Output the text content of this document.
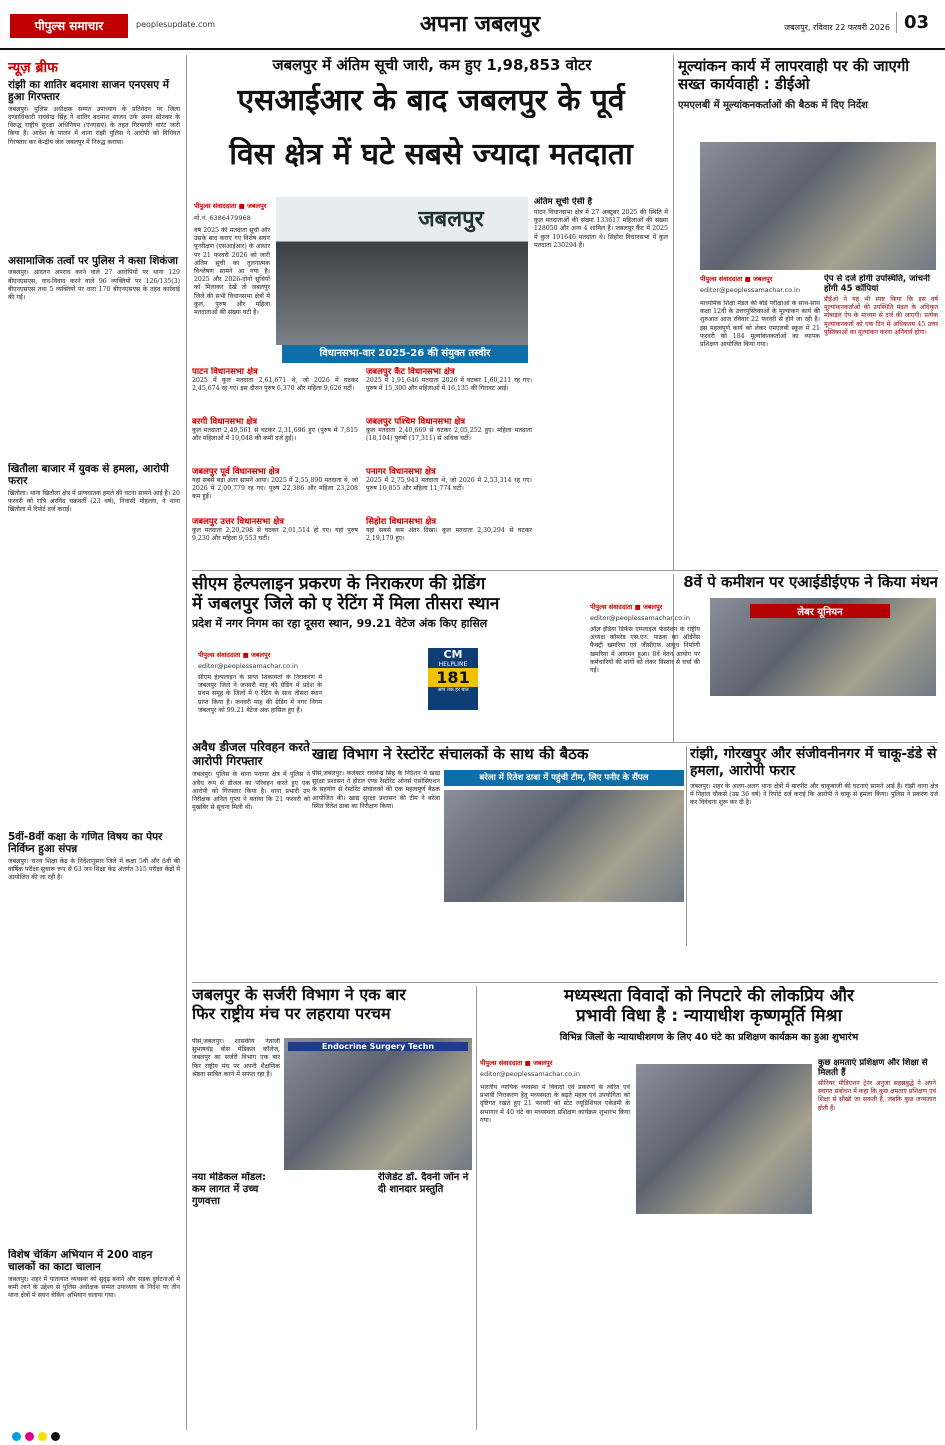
पीपुल्स समाचार	peoplesupdate.com	अपना जबलपुर	जबलपुर, रविवार 22 फरवरी 2026 03
न्यूज़ ब्रीफ
रांझी का शातिर बदमाश साजन एनएसए में हुआ गिरफ्तार
जबलपुर। पुलिस अधीक्षक सम्पत उपाध्याय के प्रतिवेदन पर जिला दण्डाधिकारी राघवेन्द्र सिंह ने शातिर बदमाश साजन उर्फ अमन सोनकर के विरुद्ध राष्ट्रीय सुरक्षा अधिनियम (एनएसए) के तहत गिरफ्तारी वारंट जारी किया है। आदेश के पालन में थाना रांझी पुलिस ने आरोपी को विधिवत गिरफ्तार कर केन्द्रीय जेल जबलपुर में निरुद्ध कराया।
असामाजिक तत्वों पर पुलिस ने कसा शिकंजा
जबलपुर। आदतन अपराध करने वाले 27 आरोपियों पर थाना 129 बीएनएसएस, वाद-विवाद करने वाले 96 व्यक्तियों पर 126/135(3) बीएनएसएस तथा 5 व्यक्तियों पर धारा 170 बीएनएसएस के तहत कार्रवाई की गई।
खितौला बाजार में युवक से हमला, आरोपी फरार
खितौला। थाना खितौला क्षेत्र में प्राणघातक हमले की घटना सामने आई है। 20 फरवरी को रात्रि अरविंद चक्रवर्ती (23 वर्ष), निवासी मोहल्ला, ने थाना खितौला में रिपोर्ट दर्ज कराई।
5वीं-8वीं कक्षा के गणित विषय का पेपर निर्विघ्न हुआ संपन्न
जबलपुर। राज्य शिक्षा केंद्र के निर्देशानुसार जिले में कक्षा 5वीं और 8वीं की वार्षिक परीक्षा सुचारू रूप से 63 जन शिक्षा केंद्र अंतर्गत 315 परीक्षा केंद्रों में आयोजित की जा रही है।
विशेष चेकिंग अभियान में 200 वाहन चालकों का काटा चालान
जबलपुर। शहर में यातायात व्यवस्था को सुदृढ़ बनाने और सड़क दुर्घटनाओं में कमी लाने के उद्देश्य से पुलिस अधीक्षक सम्पत उपाध्याय के निर्देश पर तीन थाना क्षेत्रों में सघन चेकिंग अभियान चलाया गया।
जबलपुर में अंतिम सूची जारी, कम हुए 1,98,853 वोटर
एसआईआर के बाद जबलपुर के पूर्व
विस क्षेत्र में घटे सबसे ज्यादा मतदाता
पीपुल्स संवाददाता ■ जबलपुर
मो.नं. 6386479968
वर्ष 2025 की मतदाता सूची और उसके बाद कराए गए विशेष सघन पुनरीक्षण (एसआईआर) के आधार पर 21 फरवरी 2026 को जारी अंतिम सूची का तुलनात्मक विश्लेषण सामने आ गया है। 2025 और 2026-दोनों सूचियों को मिलाकर देखें तो जबलपुर जिले की सभी विधानसभा क्षेत्रों में कुल, पुरुष और महिला मतदाताओं की संख्या घटी है।
जबलपुर
अंतिम सूची ऐसी है
पाटन विधानसभा क्षेत्र में 27 अक्टूबर 2025 की स्थिति में कुल मतदाताओं की संख्या 133617 महिलाओं की संख्या 128050 और अन्य 4 शामिल हैं। जबलपुर कैंट में 2025 में कुल 191646 मतदाता थे। सिहोरा विधानसभा में कुल मतदाता 230294 हैं।
विधानसभा-वार 2025-26 की संयुक्त तस्वीर
पाटन विधानसभा क्षेत्र
2025 में कुल मतदाता 2,61,671 थे, जो 2026 में घटकर 2,45,674 रह गए। इस दौरान पुरुष 6,370 और महिला 9,626 घटीं।
जबलपुर कैंट विधानसभा क्षेत्र
2025 में 1,91,646 मतदाता 2026 में घटकर 1,60,211 रह गए। पुरुष में 15,300 और महिलाओं में 16,135 की गिरावट आई।
बरगी विधानसभा क्षेत्र
कुल मतदाता 2,49,561 से घटकर 2,31,696 हुए (पुरुष में 7,815 और महिलाओं में 10,048 की कमी दर्ज हुई)।
जबलपुर पश्चिम विधानसभा क्षेत्र
कुल मतदाता 2,40,669 से घटकर 2,05,252 हुए। महिला मतदाता (18,104) पुरुषों (17,311) से अधिक घटीं।
जबलपुर पूर्व विधानसभा क्षेत्र
यहां सबसे बड़ा अंतर सामने आया। 2025 में 2,55,890 मतदाता थे, जो 2026 में 2,09,779 रह गए। पुरुष 22,386 और महिला 23,208 कम हुईं।
पनागर विधानसभा क्षेत्र
2025 में 2,75,943 मतदाता थे, जो 2026 में 2,53,314 रह गए। पुरुष 10,855 और महिला 11,774 घटीं।
जबलपुर उत्तर विधानसभा क्षेत्र
कुल मतदाता 2,20,298 से घटकर 2,01,514 हो गए। यहां पुरुष 9,230 और महिला 9,553 घटीं।
सिहोरा विधानसभा क्षेत्र
यहां सबसे कम अंतर दिखा। कुल मतदाता 2,30,294 से घटकर 2,19,179 हुए।
मूल्यांकन कार्य में लापरवाही पर की जाएगी सख्त कार्यवाही : डीईओ
एमएलबी में मूल्यांकनकर्ताओं की बैठक में दिए निर्देश
पीपुल्स संवाददाता ■ जबलपुर
editor@peoplessamachar.co.in
माध्यमिक शिक्षा मंडल की बोर्ड परीक्षाओं के साथ-साथ कक्षा 12वीं के उत्तरपुस्तिकाओं के मूल्यांकन कार्य की शुरुआत आज रविवार 22 फरवरी से होने जा रही है। इस महत्वपूर्ण कार्य को लेकर एमएलबी स्कूल में 21 फरवरी को 184 मूल्यांकनकर्ताओं का व्यापक प्रशिक्षण आयोजित किया गया।
ऐप से दर्ज होगी उपस्थिति, जांचनी होंगी 45 कॉपियां
डीईओ ने यह भी स्पष्ट किया कि इस वर्ष मूल्यांकनकर्ताओं की उपस्थिति मंडल के अधिकृत मोबाइल ऐप के माध्यम से दर्ज की जाएगी। प्रत्येक मूल्यांकनकर्ता को एक दिन में अधिकतम 45 उत्तर पुस्तिकाओं का मूल्यांकन करना अनिवार्य होगा।
सीएम हेल्पलाइन प्रकरण के निराकरण की ग्रेडिंग
में जबलपुर जिले को ए रेटिंग में मिला तीसरा स्थान
प्रदेश में नगर निगम का रहा दूसरा स्थान, 99.21 वेटेज अंक किए हासिल
पीपुल्स संवाददाता ■ जबलपुर
editor@peoplessamachar.co.in
सीएम हेल्पलाइन के प्राप्त शिकायतों के निराकरण में जबलपुर जिले ने जनवरी माह की ग्रेडिंग में प्रदेश के प्रथम समूह के जिलों में ए रेटिंग के साथ तीसरा स्थान प्राप्त किया है। जनवरी माह की ग्रेडिंग में नगर निगम जबलपुर को 99.21 वेटेज अंक हासिल हुए हैं।
CM
HELPLINE
181
आप तक हर बात
अवैध डीजल परिवहन करते आरोपी गिरफ्तार
जबलपुर। पुलिस के थाना पनागर क्षेत्र में पुलिस ने अवैध रूप से डीजल का परिवहन करते हुए एक आरोपी को गिरफ्तार किया है। थाना प्रभारी उप निरीक्षक अनिल गुप्ता ने बताया कि 21 फरवरी को मुखबिर से सूचना मिली थी।
8वें पे कमीशन पर एआईडीईएफ ने किया मंथन
पीपुल्स संवाददाता ■ जबलपुर
editor@peoplessamachar.co.in
ऑल इंडिया डिफेंस एम्प्लाइज फेडरेशन के राष्ट्रीय अध्यक्ष कॉमरेड एस.एन. पाठक का ऑर्डनेंस फैक्ट्री खमरिया एवं जीसीएफ आयुध निर्माणी खमरिया में आगमन हुआ। 8वें वेतन आयोग पर कर्मचारियों की मांगों को लेकर विस्तार से चर्चा की गई।
लेबर यूनियन
खाद्य विभाग ने रेस्टोरेंट संचालकों के साथ की बैठक
बरेला में रितेश ढाबा में पहुंची टीम, लिए पनीर के सैंपल
पीसं,जबलपुर। कलेक्टर राघवेन्द्र सिंह के निर्देशन में खाद्य सुरक्षा प्रशासन ने होटल एण्ड रेस्टोरेंट ओनर्स एसोसिएशन के सहयोग से रेस्टोरेंट संचालकों की एक महत्वपूर्ण बैठक आयोजित की। खाद्य सुरक्षा प्रशासन की टीम ने बरेला स्थित रितेश ढाबा का निरीक्षण किया।
रांझी, गोरखपुर और संजीवनीनगर में चाकू-डंडे से हमला, आरोपी फरार
जबलपुर। शहर के अलग-अलग थाना क्षेत्रों में मारपीट और चाकूबाजी की घटनाएं सामने आई हैं। रांझी थाना क्षेत्र में निहाल चौकसे (उम्र 36 वर्ष) ने रिपोर्ट दर्ज कराई कि आरोपी ने चाकू से हमला किया। पुलिस ने प्रकरण दर्ज कर विवेचना शुरू कर दी है।
जबलपुर के सर्जरी विभाग ने एक बार
फिर राष्ट्रीय मंच पर लहराया परचम
पीसं,जबलपुर। शासकीय नेताजी सुभाषचंद्र बोस मेडिकल कॉलेज, जबलपुर का सर्जरी विभाग एक बार फिर राष्ट्रीय मंच पर अपनी शैक्षणिक श्रेष्ठता साबित करने में सफल रहा है।
Endocrine Surgery Techn
नया मेडिकल मॉडल: कम लागत में उच्च गुणवत्ता
रेजिडेंट डॉ. दैवनी जॉन ने दी शानदार प्रस्तुति
मध्यस्थता विवादों को निपटारे की लोकप्रिय और
प्रभावी विधा है : न्यायाधीश कृष्णमूर्ति मिश्रा
विभिन्न जिलों के न्यायाधीशगण के लिए 40 घंटे का प्रशिक्षण कार्यक्रम का हुआ शुभारंभ
पीपुल्स संवाददाता ■ जबलपुर
editor@peoplessamachar.co.in
भारतीय न्यायिक व्यवस्था में विवादों एवं प्रकरणों के त्वरित एवं प्रभावी निराकरण हेतु मध्यस्थता के बढ़ते महत्व एवं उपयोगिता को दृष्टिगत रखते हुए 21 फरवरी को स्टेट ज्यूडिशियल एकेडमी के सभागार में 40 घंटे का मध्यस्थता प्रशिक्षण कार्यक्रम शुभारंभ किया गया।
कुछ क्षमताएं प्रशिक्षण और शिक्षा से मिलती हैं
सीनियर मीडिएशन ट्रेनर अनुजा सहस्रबुद्धे ने अपने स्वागत संबोधन में कहा कि कुछ क्षमताएं प्रशिक्षण एवं शिक्षा से सीखी जा सकती हैं, जबकि कुछ जन्मजात होती हैं।
